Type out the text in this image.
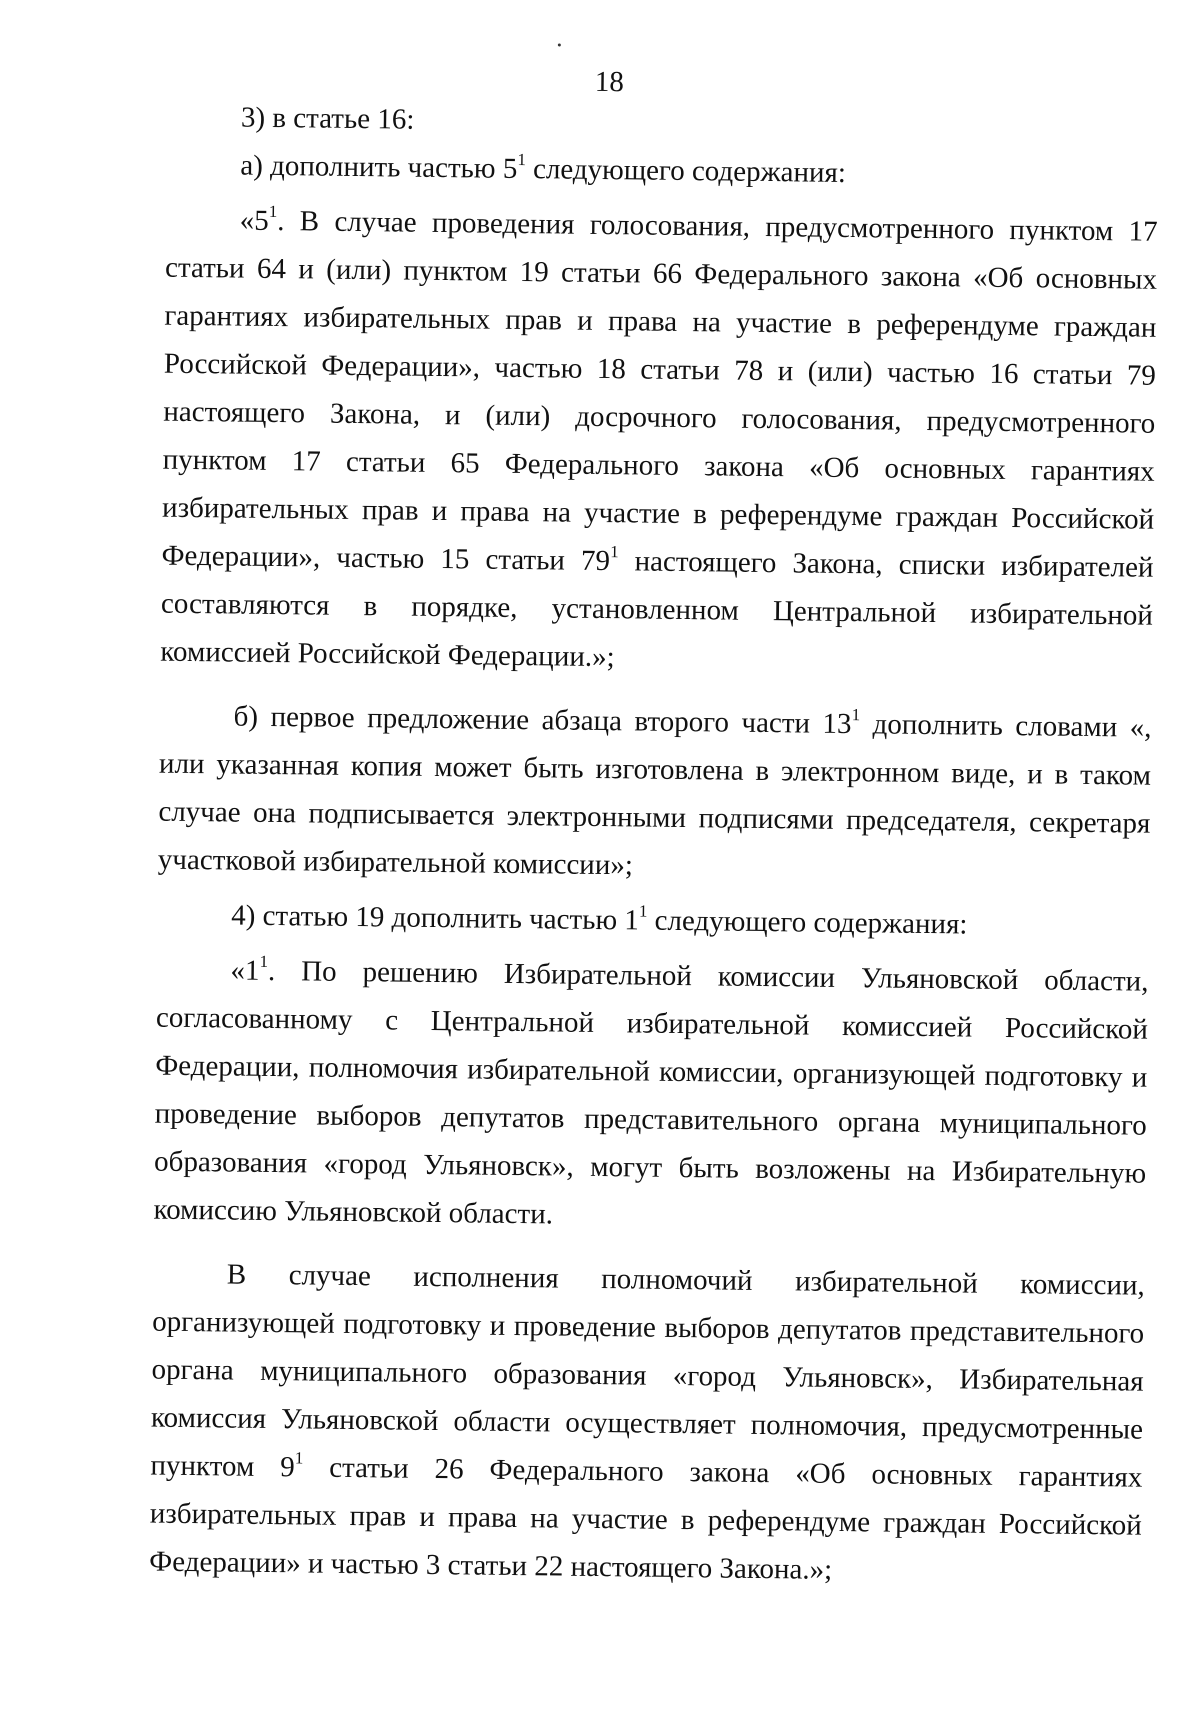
18

3) в статье 16:

а) дополнить частью $5^1$ следующего содержания:

«$5^1$. В случае проведения голосования, предусмотренного пунктом 17 статьи 64 и (или) пунктом 19 статьи 66 Федерального закона «Об основных гарантиях избирательных прав и права на участие в референдуме граждан Российской Федерации», частью 18 статьи 78 и (или) частью 16 статьи 79 настоящего Закона, и (или) досрочного голосования, предусмотренного пунктом 17 статьи 65 Федерального закона «Об основных гарантиях избирательных прав и права на участие в референдуме граждан Российской Федерации», частью 15 статьи $79^1$ настоящего Закона, списки избирателей составляются в порядке, установленном Центральной избирательной комиссией Российской Федерации.»;

б) первое предложение абзаца второго части $13^1$ дополнить словами «, или указанная копия может быть изготовлена в электронном виде, и в таком случае она подписывается электронными подписями председателя, секретаря участковой избирательной комиссии»;

4) статью 19 дополнить частью $1^1$ следующего содержания:

«$1^1$. По решению Избирательной комиссии Ульяновской области, согласованному с Центральной избирательной комиссией Российской Федерации, полномочия избирательной комиссии, организующей подготовку и проведение выборов депутатов представительного органа муниципального образования «город Ульяновск», могут быть возложены на Избирательную комиссию Ульяновской области.

В случае исполнения полномочий избирательной комиссии, организующей подготовку и проведение выборов депутатов представительного органа муниципального образования «город Ульяновск», Избирательная комиссия Ульяновской области осуществляет полномочия, предусмотренные пунктом $9^1$ статьи 26 Федерального закона «Об основных гарантиях избирательных прав и права на участие в референдуме граждан Российской Федерации» и частью 3 статьи 22 настоящего Закона.»;
